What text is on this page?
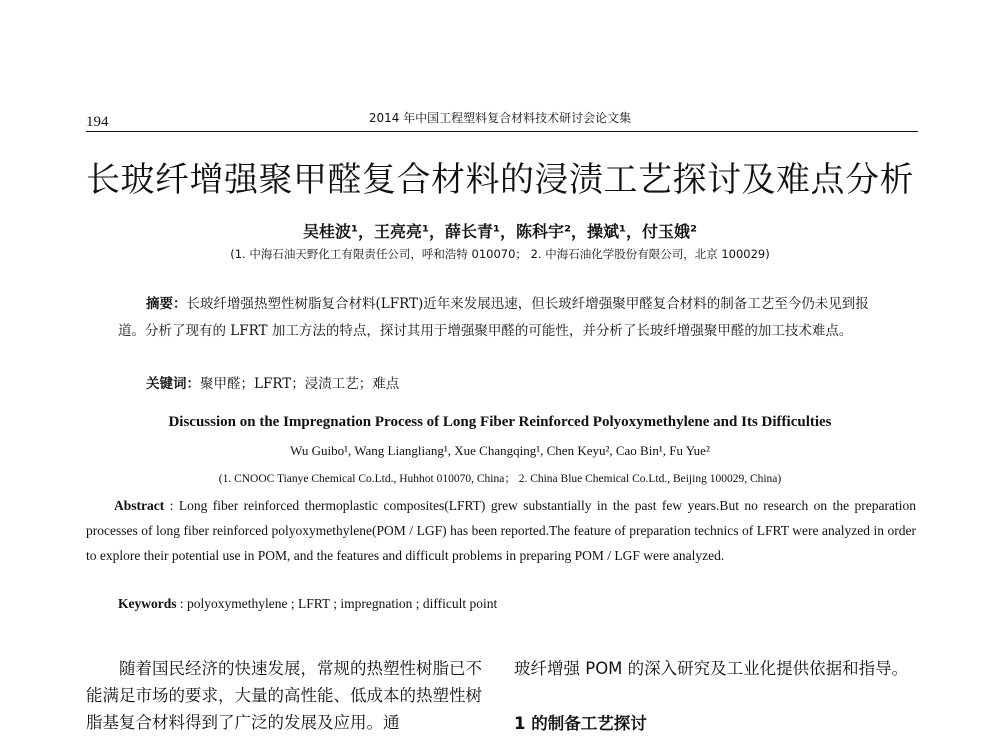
194	2014 年中国工程塑料复合材料技术研讨会论文集
长玻纤增强聚甲醛复合材料的浸渍工艺探讨及难点分析
吴桂波¹，王亮亮¹，薛长青¹，陈科宇²，操斌¹，付玉娥²
(1. 中海石油天野化工有限责任公司，呼和浩特 010070； 2. 中海石油化学股份有限公司，北京 100029)
摘要：长玻纤增强热塑性树脂复合材料(LFRT)近年来发展迅速，但长玻纤增强聚甲醛复合材料的制备工艺至今仍未见到报道。分析了现有的 LFRT 加工方法的特点，探讨其用于增强聚甲醛的可能性，并分析了长玻纤增强聚甲醛的加工技术难点。
关键词：聚甲醛；LFRT；浸渍工艺；难点
Discussion on the Impregnation Process of Long Fiber Reinforced Polyoxymethylene and Its Difficulties
Wu Guibo¹, Wang Liangliang¹, Xue Changqing¹, Chen Keyu², Cao Bin¹, Fu Yue²
(1. CNOOC Tianye Chemical Co.Ltd., Huhhot 010070, China； 2. China Blue Chemical Co.Ltd., Beijing 100029, China)
Abstract : Long fiber reinforced thermoplastic composites(LFRT) grew substantially in the past few years.But no research on the preparation processes of long fiber reinforced polyoxymethylene(POM / LGF) has been reported.The feature of preparation technics of LFRT were analyzed in order to explore their potential use in POM, and the features and difficult problems in preparing POM / LGF were analyzed.
Keywords : polyoxymethylene ; LFRT ; impregnation ; difficult point
随着国民经济的快速发展，常规的热塑性树脂已不能满足市场的要求，大量的高性能、低成本的热塑性树脂基复合材料得到了广泛的发展及应用。通
玻纤增强 POM 的深入研究及工业化提供依据和指导。
1 的制备工艺探讨
